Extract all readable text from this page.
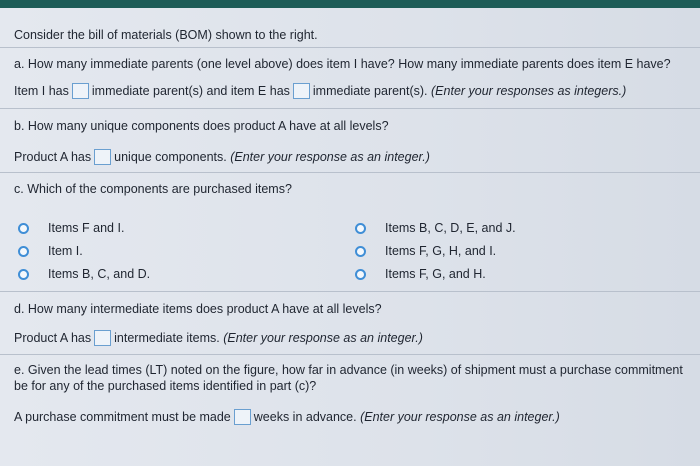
Consider the bill of materials (BOM) shown to the right.
a. How many immediate parents (one level above) does item I have? How many immediate parents does item E have?
Item I has immediate parent(s) and item E has immediate parent(s). (Enter your responses as integers.)
b. How many unique components does product A have at all levels?
Product A has unique components. (Enter your response as an integer.)
c. Which of the components are purchased items?
Items F and I.
Item I.
Items B, C, and D.
Items B, C, D, E, and J.
Items F, G, H, and I.
Items F, G, and H.
d. How many intermediate items does product A have at all levels?
Product A has intermediate items. (Enter your response as an integer.)
e. Given the lead times (LT) noted on the figure, how far in advance (in weeks) of shipment must a purchase commitment be for any of the purchased items identified in part (c)?
A purchase commitment must be made weeks in advance. (Enter your response as an integer.)
